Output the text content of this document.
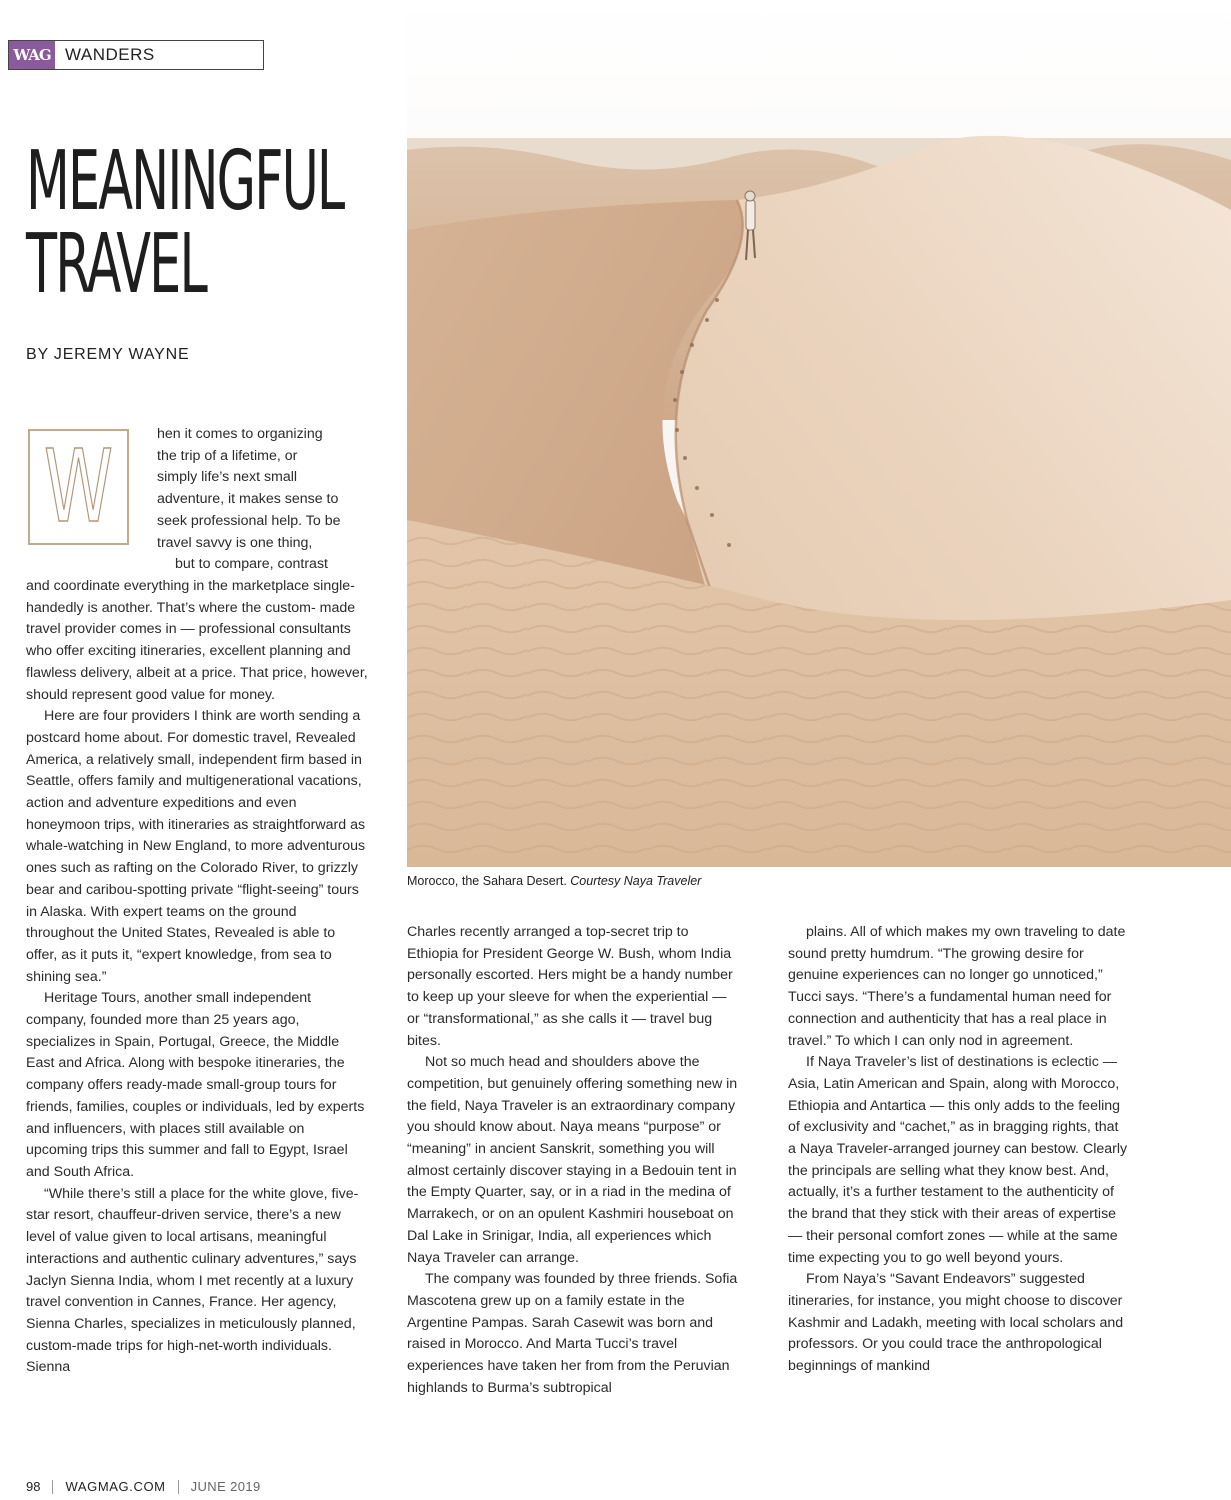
WAG WANDERS
MEANINGFUL
TRAVEL
BY JEREMY WAYNE
W	hen it comes to organizing
the trip of a lifetime, or
simply life’s next small
adventure, it makes sense to
seek professional help. To be
travel savvy is one thing,
but to compare, contrast

and coordinate everything in the marketplace single- handedly is another. That’s where the custom- made travel provider comes in — professional consultants who offer exciting itineraries, excellent planning and flawless delivery, albeit at a price. That price, however, should represent good value for money.

Here are four providers I think are worth sending a postcard home about. For domestic travel, Revealed America, a relatively small, independent firm based in Seattle, offers family and multigenerational vacations, action and adventure expeditions and even honeymoon trips, with itineraries as straightforward as whale-watching in New England, to more adventurous ones such as rafting on the Colorado River, to grizzly bear and caribou-spotting private “flight-seeing” tours in Alaska. With expert teams on the ground throughout the United States, Revealed is able to offer, as it puts it, “expert knowledge, from sea to shining sea.”

Heritage Tours, another small independent company, founded more than 25 years ago, specializes in Spain, Portugal, Greece, the Middle East and Africa. Along with bespoke itineraries, the company offers ready-made small-group tours for friends, families, couples or individuals, led by experts and influencers, with places still available on upcoming trips this summer and fall to Egypt, Israel and South Africa.

“While there’s still a place for the white glove, five-star resort, chauffeur-driven service, there’s a new level of value given to local artisans, meaningful interactions and authentic culinary adventures,” says Jaclyn Sienna India, whom I met recently at a luxury travel convention in Cannes, France. Her agency, Sienna Charles, specializes in meticulously planned, custom-made trips for high-net-worth individuals. Sienna

Morocco, the Sahara Desert. Courtesy Naya Traveler

Charles recently arranged a top-secret trip to Ethiopia for President George W. Bush, whom India personally escorted. Hers might be a handy number to keep up your sleeve for when the experiential — or “transformational,” as she calls it — travel bug bites.

Not so much head and shoulders above the competition, but genuinely offering something new in the field, Naya Traveler is an extraordinary company you should know about. Naya means “purpose” or “meaning” in ancient Sanskrit, something you will almost certainly discover staying in a Bedouin tent in the Empty Quarter, say, or in a riad in the medina of Marrakech, or on an opulent Kashmiri houseboat on Dal Lake in Srinigar, India, all experiences which Naya Traveler can arrange.

The company was founded by three friends. Sofia Mascotena grew up on a family estate in the Argentine Pampas. Sarah Casewit was born and raised in Morocco. And Marta Tucci’s travel experiences have taken her from from the Peruvian highlands to Burma’s subtropical

plains. All of which makes my own traveling to date sound pretty humdrum. “The growing desire for genuine experiences can no longer go unnoticed,” Tucci says. “There’s a fundamental human need for connection and authenticity that has a real place in travel.” To which I can only nod in agreement.

If Naya Traveler’s list of destinations is eclectic — Asia, Latin American and Spain, along with Morocco, Ethiopia and Antartica — this only adds to the feeling of exclusivity and “cachet,” as in bragging rights, that a Naya Traveler-arranged journey can bestow. Clearly the principals are selling what they know best. And, actually, it’s a further testament to the authenticity of the brand that they stick with their areas of expertise — their personal comfort zones — while at the same time expecting you to go well beyond yours.

From Naya’s “Savant Endeavors” suggested itineraries, for instance, you might choose to discover Kashmir and Ladakh, meeting with local scholars and professors. Or you could trace the anthropological beginnings of mankind

98 WAGMAG.COM JUNE 2019
